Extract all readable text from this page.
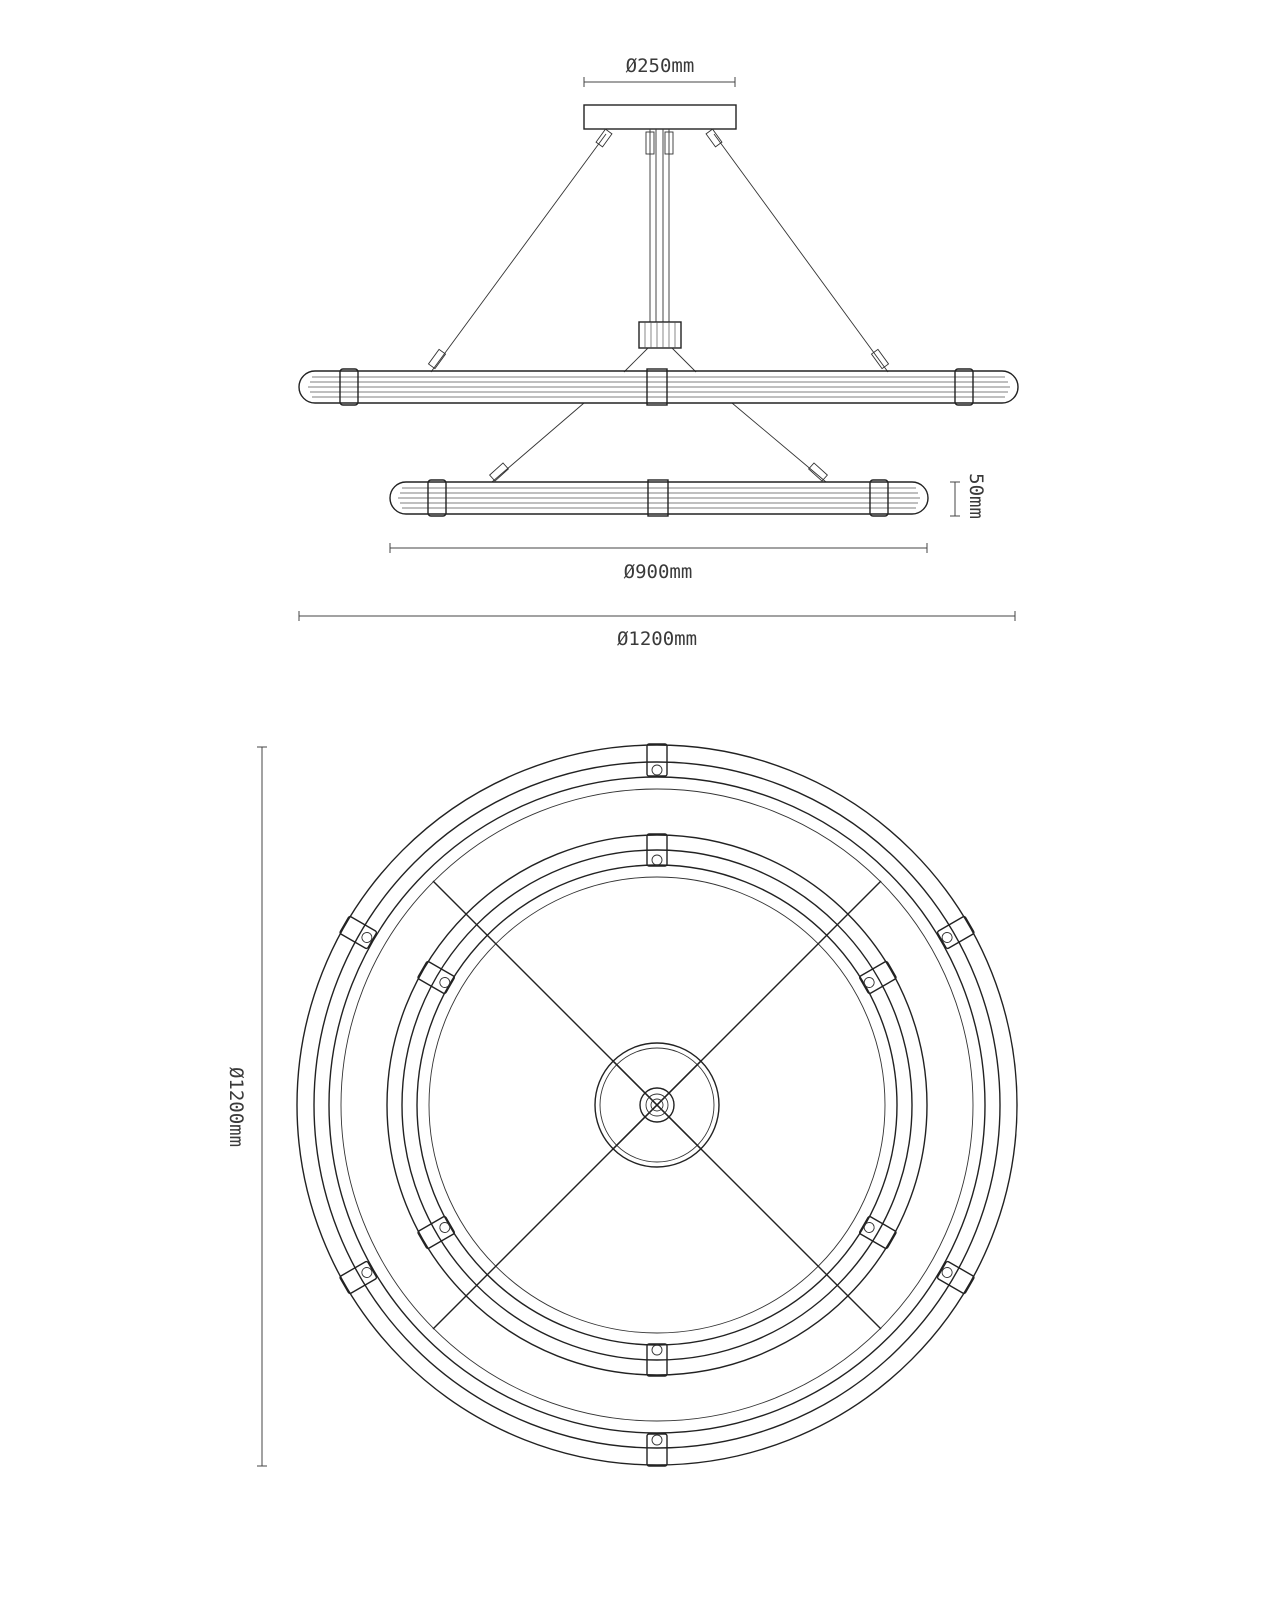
Ø250mm
50mm
Ø900mm
Ø1200mm
Ø1200mm
